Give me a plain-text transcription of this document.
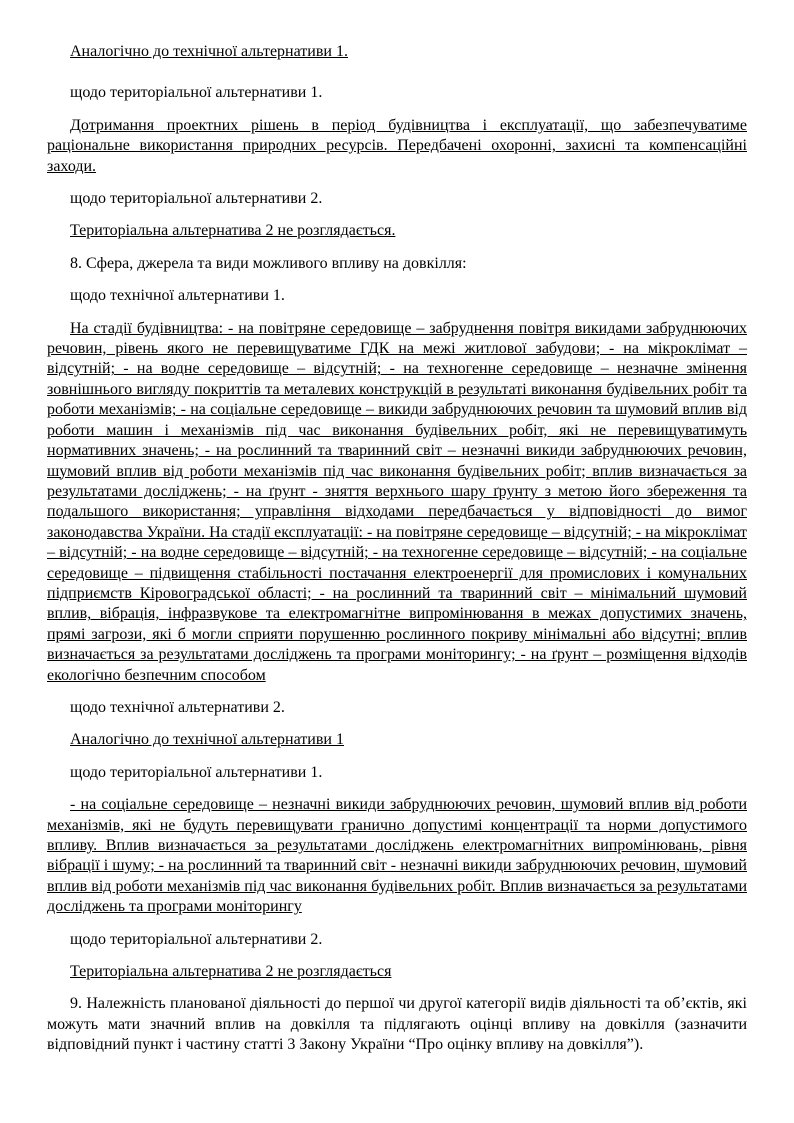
Аналогічно до технічної альтернативи 1.

щодо територіальної альтернативи 1.

Дотримання проектних рішень в період будівництва і експлуатації, що забезпечуватиме раціональне використання природних ресурсів. Передбачені охоронні, захисні та компенсаційні заходи.

щодо територіальної альтернативи 2.

Територіальна альтернатива 2 не розглядається.

8. Сфера, джерела та види можливого впливу на довкілля:

щодо технічної альтернативи 1.

На стадії будівництва: - на повітряне середовище – забруднення повітря викидами забруднюючих речовин, рівень якого не перевищуватиме ГДК на межі житлової забудови; - на мікроклімат – відсутній; - на водне середовище – відсутній; - на техногенне середовище – незначне змінення зовнішнього вигляду покриттів та металевих конструкцій в результаті виконання будівельних робіт та роботи механізмів; - на соціальне середовище – викиди забруднюючих речовин та шумовий вплив від роботи машин і механізмів під час виконання будівельних робіт, які не перевищуватимуть нормативних значень; - на рослинний та тваринний світ – незначні викиди забруднюючих речовин, шумовий вплив від роботи механізмів під час виконання будівельних робіт; вплив визначається за результатами досліджень; - на ґрунт - зняття верхнього шару ґрунту з метою його збереження та подальшого використання; управління відходами передбачається у відповідності до вимог законодавства України. На стадії експлуатації: - на повітряне середовище – відсутній; - на мікроклімат – відсутній; - на водне середовище – відсутній; - на техногенне середовище – відсутній; - на соціальне середовище – підвищення стабільності постачання електроенергії для промислових і комунальних підприємств Кіровоградської області; - на рослинний та тваринний світ – мінімальний шумовий вплив, вібрація, інфразвукове та електромагнітне випромінювання в межах допустимих значень, прямі загрози, які б могли сприяти порушенню рослинного покриву мінімальні або відсутні; вплив визначається за результатами досліджень та програми моніторингу; - на ґрунт – розміщення відходів екологічно безпечним способом

щодо технічної альтернативи 2.

Аналогічно до технічної альтернативи 1

щодо територіальної альтернативи 1.

- на соціальне середовище – незначні викиди забруднюючих речовин, шумовий вплив від роботи механізмів, які не будуть перевищувати гранично допустимі концентрації та норми допустимого впливу. Вплив визначається за результатами досліджень електромагнітних випромінювань, рівня вібрації і шуму; - на рослинний та тваринний світ - незначні викиди забруднюючих речовин, шумовий вплив від роботи механізмів під час виконання будівельних робіт. Вплив визначається за результатами досліджень та програми моніторингу

щодо територіальної альтернативи 2.

Територіальна альтернатива 2 не розглядається

9. Належність планованої діяльності до першої чи другої категорії видів діяльності та об’єктів, які можуть мати значний вплив на довкілля та підлягають оцінці впливу на довкілля (зазначити відповідний пункт і частину статті 3 Закону України “Про оцінку впливу на довкілля”).
